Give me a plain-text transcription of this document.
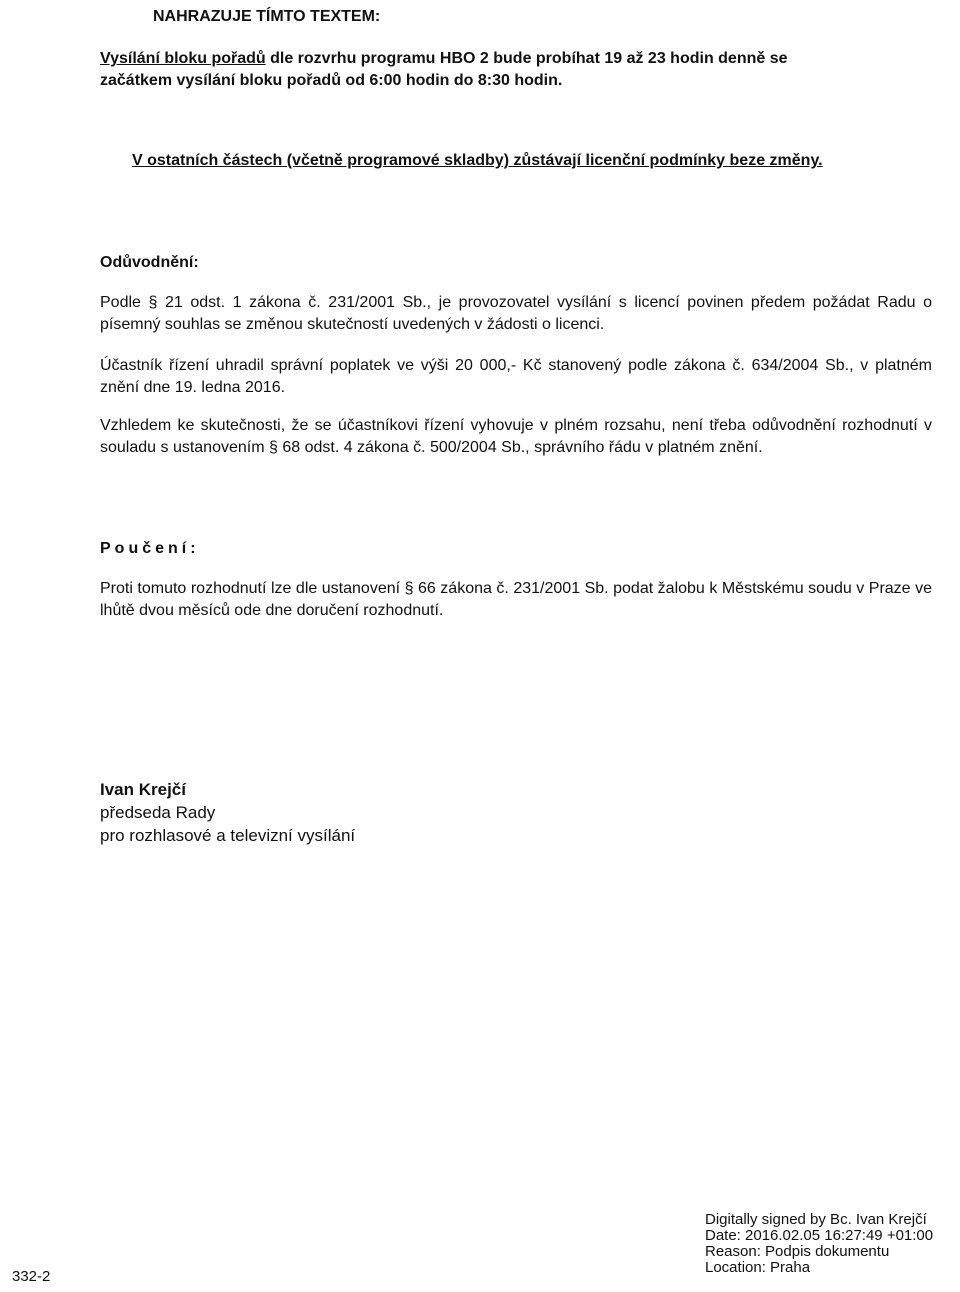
NAHRAZUJE TÍMTO TEXTEM:
Vysílání bloku pořadů dle rozvrhu programu HBO 2 bude probíhat 19 až 23 hodin denně se
začátkem vysílání bloku pořadů od 6:00 hodin do 8:30 hodin.
V ostatních částech (včetně programové skladby) zůstávají licenční podmínky beze změny.
Odůvodnění:
Podle § 21 odst. 1 zákona č. 231/2001 Sb., je provozovatel vysílání s licencí povinen předem požádat Radu o písemný souhlas se změnou skutečností uvedených v žádosti o licenci.
Účastník řízení uhradil správní poplatek ve výši 20 000,- Kč stanovený podle zákona č. 634/2004 Sb., v platném znění dne 19. ledna 2016.
Vzhledem ke skutečnosti, že se účastníkovi řízení vyhovuje v plném rozsahu, není třeba odůvodnění rozhodnutí v souladu s ustanovením § 68 odst. 4 zákona č. 500/2004 Sb., správního řádu v platném znění.
Poučení:
Proti tomuto rozhodnutí lze dle ustanovení § 66 zákona č. 231/2001 Sb. podat žalobu k Městskému soudu v Praze ve lhůtě dvou měsíců ode dne doručení rozhodnutí.
Ivan Krejčí
předseda Rady
pro rozhlasové a televizní vysílání
Digitally signed by Bc. Ivan Krejčí
Date: 2016.02.05 16:27:49 +01:00
Reason: Podpis dokumentu
Location: Praha
332-2
